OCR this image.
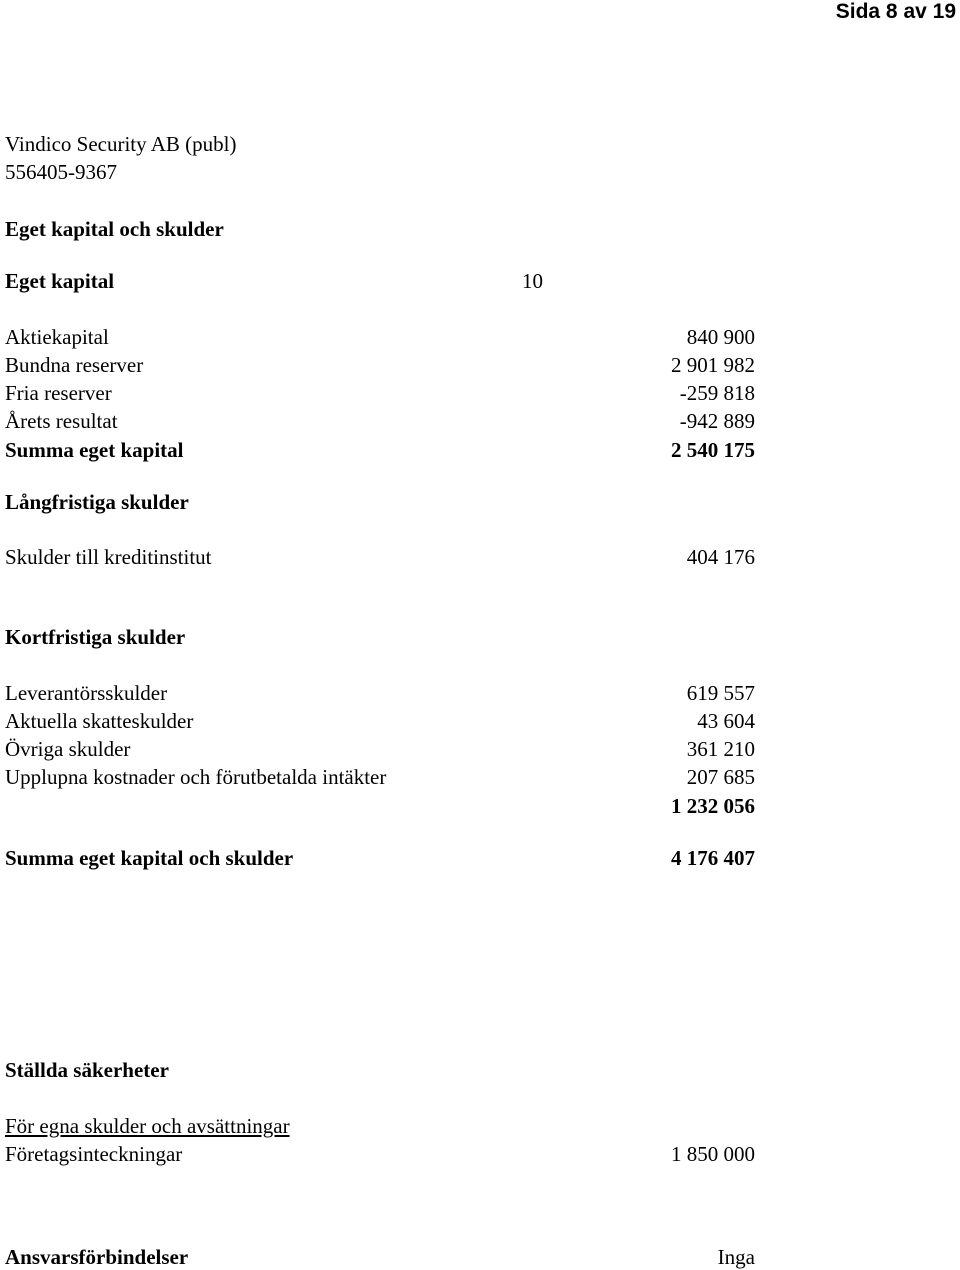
Sida 8 av 19
Vindico Security AB (publ)
556405-9367
Eget kapital och skulder
Eget kapital	10
Aktiekapital	840 900
Bundna reserver	2 901 982
Fria reserver	-259 818
Årets resultat	-942 889
Summa eget kapital	2 540 175
Långfristiga skulder
Skulder till kreditinstitut	404 176
Kortfristiga skulder
Leverantörsskulder	619 557
Aktuella skatteskulder	43 604
Övriga skulder	361 210
Upplupna kostnader och förutbetalda intäkter	207 685
1 232 056
Summa eget kapital och skulder	4 176 407
Ställda säkerheter
För egna skulder och avsättningar
Företagsinteckningar	1 850 000
Ansvarsförbindelser	Inga
